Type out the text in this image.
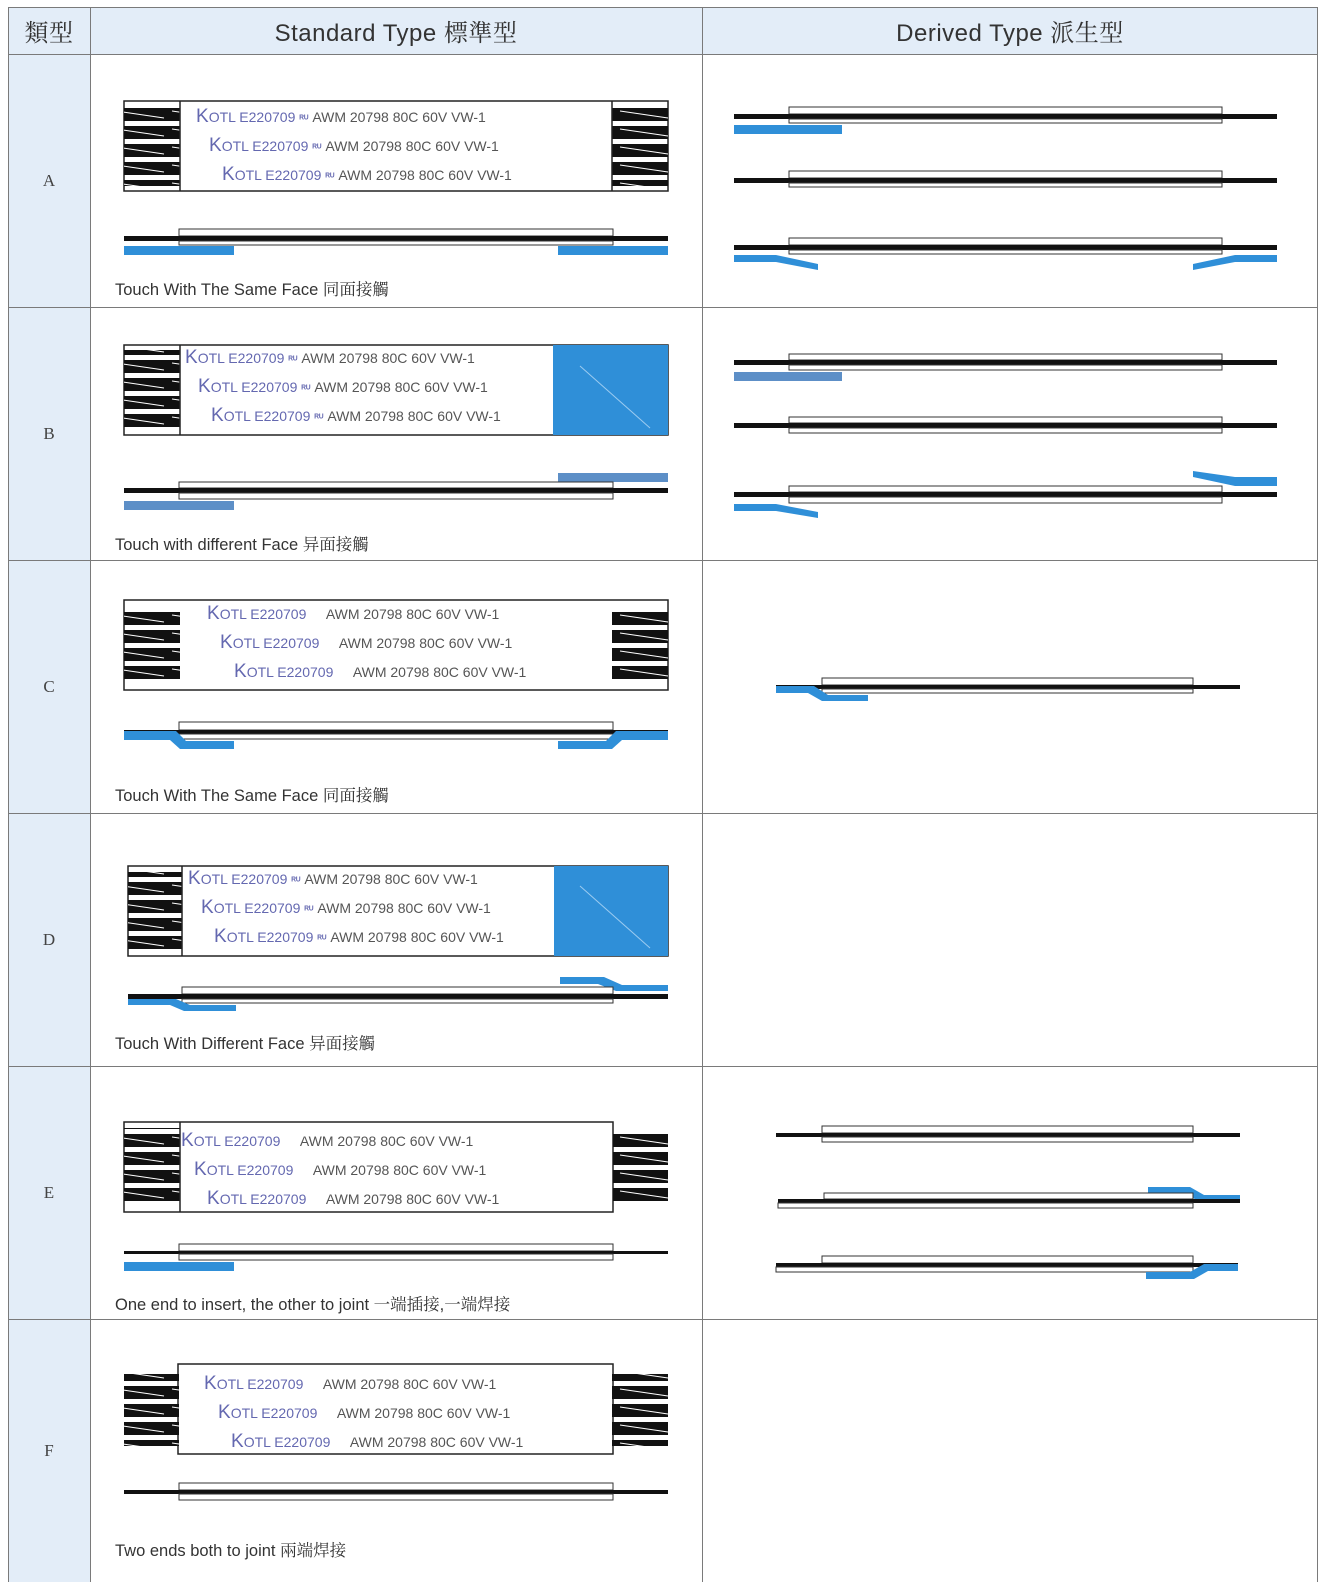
類型	Standard Type 標準型	Derived Type 派生型
A
B
C
D
E
F
KOTL E220709 ᴿᵁ AWM 20798 80C 60V VW-1
KOTL E220709 ᴿᵁ AWM 20798 80C 60V VW-1
KOTL E220709 ᴿᵁ AWM 20798 80C 60V VW-1
KOTL E220709 ᴿᵁ AWM 20798 80C 60V VW-1
KOTL E220709 ᴿᵁ AWM 20798 80C 60V VW-1
KOTL E220709 ᴿᵁ AWM 20798 80C 60V VW-1
KOTL E220709 AWM 20798 80C 60V VW-1
KOTL E220709 AWM 20798 80C 60V VW-1
KOTL E220709 AWM 20798 80C 60V VW-1
KOTL E220709 ᴿᵁ AWM 20798 80C 60V VW-1
KOTL E220709 ᴿᵁ AWM 20798 80C 60V VW-1
KOTL E220709 ᴿᵁ AWM 20798 80C 60V VW-1
KOTL E220709 AWM 20798 80C 60V VW-1
KOTL E220709 AWM 20798 80C 60V VW-1
KOTL E220709 AWM 20798 80C 60V VW-1
KOTL E220709 AWM 20798 80C 60V VW-1
KOTL E220709 AWM 20798 80C 60V VW-1
KOTL E220709 AWM 20798 80C 60V VW-1
Touch With The Same Face 同面接觸
Touch with different Face 异面接觸
Touch With The Same Face 同面接觸
Touch With Different Face 异面接觸
One end to insert, the other to joint 一端插接,一端焊接
Two ends both to joint 兩端焊接
